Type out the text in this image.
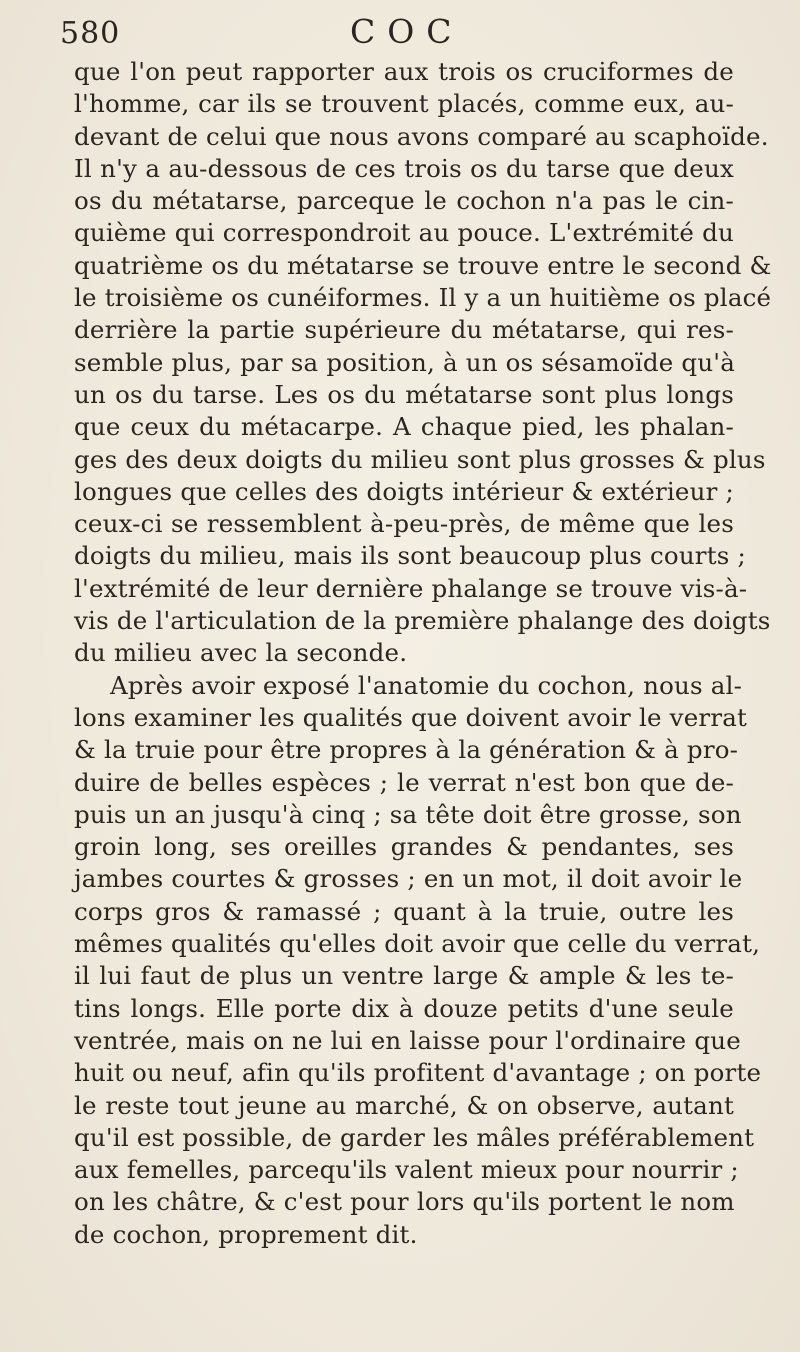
580	COC
que l'on peut rapporter aux trois os cruciformes de
l'homme, car ils se trouvent placés, comme eux, au-
devant de celui que nous avons comparé au scaphoïde.
Il n'y a au-dessous de ces trois os du tarse que deux
os du métatarse, parceque le cochon n'a pas le cin-
quième qui correspondroit au pouce. L'extrémité du
quatrième os du métatarse se trouve entre le second &
le troisième os cunéiformes. Il y a un huitième os placé
derrière la partie supérieure du métatarse, qui res-
semble plus, par sa position, à un os sésamoïde qu'à
un os du tarse. Les os du métatarse sont plus longs
que ceux du métacarpe. A chaque pied, les phalan-
ges des deux doigts du milieu sont plus grosses & plus
longues que celles des doigts intérieur & extérieur ;
ceux-ci se ressemblent à-peu-près, de même que les
doigts du milieu, mais ils sont beaucoup plus courts ;
l'extrémité de leur dernière phalange se trouve vis-à-
vis de l'articulation de la première phalange des doigts
du milieu avec la seconde.
Après avoir exposé l'anatomie du cochon, nous al-
lons examiner les qualités que doivent avoir le verrat
& la truie pour être propres à la génération & à pro-
duire de belles espèces ; le verrat n'est bon que de-
puis un an jusqu'à cinq ; sa tête doit être grosse, son
groin long, ses oreilles grandes & pendantes, ses
jambes courtes & grosses ; en un mot, il doit avoir le
corps gros & ramassé ; quant à la truie, outre les
mêmes qualités qu'elles doit avoir que celle du verrat,
il lui faut de plus un ventre large & ample & les te-
tins longs. Elle porte dix à douze petits d'une seule
ventrée, mais on ne lui en laisse pour l'ordinaire que
huit ou neuf, afin qu'ils profitent d'avantage ; on porte
le reste tout jeune au marché, & on observe, autant
qu'il est possible, de garder les mâles préférablement
aux femelles, parcequ'ils valent mieux pour nourrir ;
on les châtre, & c'est pour lors qu'ils portent le nom
de cochon, proprement dit.
